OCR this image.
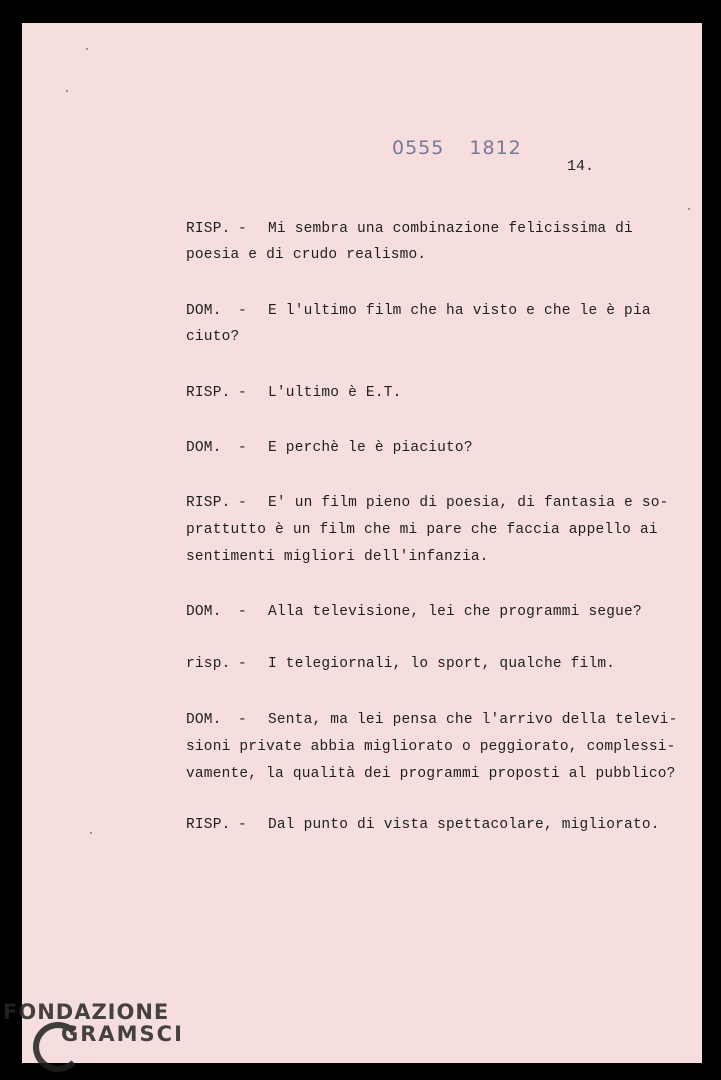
0555 1812
14.
RISP. - Mi sembra una combinazione felicissima di
poesia e di crudo realismo.
DOM. - E l'ultimo film che ha visto e che le è pia
ciuto?
RISP. - L'ultimo è E.T.
DOM. - E perchè le è piaciuto?
RISP. - E' un film pieno di poesia, di fantasia e so-
prattutto è un film che mi pare che faccia appello ai
sentimenti migliori dell'infanzia.
DOM. - Alla televisione, lei che programmi segue?
risp. - I telegiornali, lo sport, qualche film.
DOM. - Senta, ma lei pensa che l'arrivo della televi-
sioni private abbia migliorato o peggiorato, complessi-
vamente, la qualità dei programmi proposti al pubblico?
RISP. - Dal punto di vista spettacolare, migliorato.
FONDAZIONE
GRAMSCI
